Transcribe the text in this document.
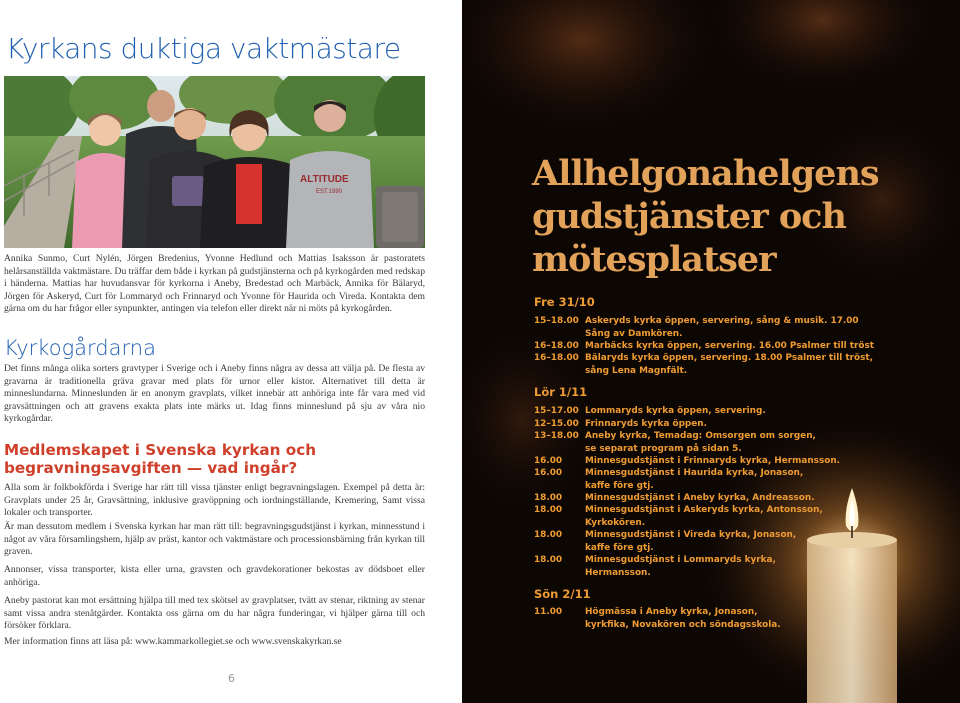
Kyrkans duktiga vaktmästare
ALTITUDE
EST.1990
Annika Sunmo, Curt Nylén, Jörgen Bredenius, Yvonne Hedlund och Mattias Isaksson är pastoratets helårsanställda vaktmästare. Du träffar dem både i kyrkan på gudstjänsterna och på kyrkogården med redskap i händerna. Mattias har huvudansvar för kyrkorna i Aneby, Bredestad och Marbäck, Annika för Bälaryd, Jörgen för Askeryd, Curt för Lommaryd och Frinnaryd och Yvonne för Haurida och Vireda. Kontakta dem gärna om du har frågor eller synpunkter, antingen via telefon eller direkt när ni möts på kyrkogården.
Kyrkogårdarna
Det finns många olika sorters gravtyper i Sverige och i Aneby finns några av dessa att välja på. De flesta av gravarna är traditionella gräva gravar med plats för urnor eller kistor. Alternativet till detta är minneslundarna. Minneslunden är en anonym gravplats, vilket innebär att anhöriga inte får vara med vid gravsättningen och att gravens exakta plats inte märks ut. Idag finns minneslund på sju av våra nio kyrkogårdar.
Medlemskapet i Svenska kyrkan och begravningsavgiften — vad ingår?
Alla som är folkbokförda i Sverige har rätt till vissa tjänster enligt begravningslagen. Exempel på detta är: Gravplats under 25 år, Gravsättning, inklusive gravöppning och iordningställande, Kremering, Samt vissa lokaler och transporter.
Är man dessutom medlem i Svenska kyrkan har man rätt till: begravningsgudstjänst i kyrkan, minnesstund i något av våra församlingshem, hjälp av präst, kantor och vaktmästare och processionsbärning från kyrkan till graven.
Annonser, vissa transporter, kista eller urna, gravsten och gravdekorationer bekostas av dödsboet eller anhöriga.
Aneby pastorat kan mot ersättning hjälpa till med tex skötsel av gravplatser, tvätt av stenar, riktning av stenar samt vissa andra stenåtgärder. Kontakta oss gärna om du har några funderingar, vi hjälper gärna till och försöker förklara.
Mer information finns att läsa på: www.kammarkollegiet.se och www.svenskakyrkan.se
6
Allhelgonahelgens
gudstjänster och
mötesplatser
Fre 31/10
15–18.00 Askeryds kyrka öppen, servering, sång & musik. 17.00
Sång av Damkören.
16–18.00 Marbäcks kyrka öppen, servering. 16.00 Psalmer till tröst
16–18.00 Bälaryds kyrka öppen, servering. 18.00 Psalmer till tröst,
sång Lena Magnfält.
Lör 1/11
15–17.00 Lommaryds kyrka öppen, servering.
12–15.00 Frinnaryds kyrka öppen.
13–18.00 Aneby kyrka, Temadag: Omsorgen om sorgen,
se separat program på sidan 5.
16.00	Minnesgudstjänst i Frinnaryds kyrka, Hermansson.
16.00	Minnesgudstjänst i Haurida kyrka, Jonason,
kaffe före gtj.
18.00	Minnesgudstjänst i Aneby kyrka, Andreasson.
18.00	Minnesgudstjänst i Askeryds kyrka, Antonsson,
Kyrkokören.
18.00	Minnesgudstjänst i Vireda kyrka, Jonason,
kaffe före gtj.
18.00	Minnesgudstjänst i Lommaryds kyrka,
Hermansson.
Sön 2/11
11.00	Högmässa i Aneby kyrka, Jonason,
kyrkfika, Novakören och söndagsskola.
